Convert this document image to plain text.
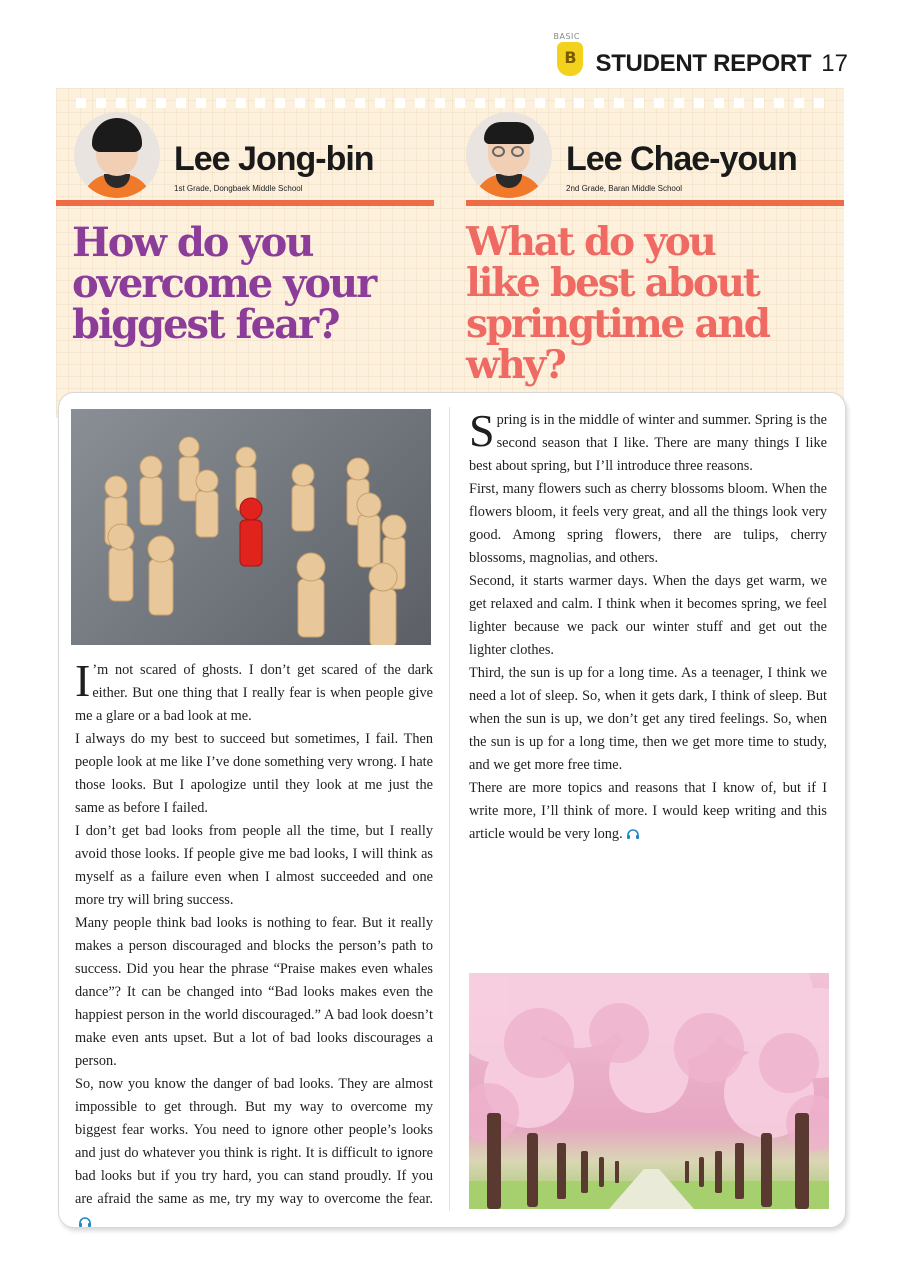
BASIC
B STUDENT REPORT 17
Lee Jong-bin
1st Grade, Dongbaek Middle School
Lee Chae-youn
2nd Grade, Baran Middle School
How do you
overcome your
biggest fear?
What do you
like best about
springtime and why?

I ’m not scared of ghosts. I don’t get scared of the dark either. But one thing that I really fear is when people give me a glare or a bad look at me.

I always do my best to succeed but sometimes, I fail. Then people look at me like I’ve done something very wrong. I hate those looks. But I apologize until they look at me just the same as before I failed.

I don’t get bad looks from people all the time, but I really avoid those looks. If people give me bad looks, I will think as myself as a failure even when I almost succeeded and one more try will bring success.

Many people think bad looks is nothing to fear. But it really makes a person discouraged and blocks the person’s path to success. Did you hear the phrase “Praise makes even whales dance”? It can be changed into “Bad looks makes even the happiest person in the world discouraged.” A bad look doesn’t make even ants upset. But a lot of bad looks discourages a person.

So, now you know the danger of bad looks. They are almost impossible to get through. But my way to overcome my biggest fear works. You need to ignore other people’s looks and just do whatever you think is right. It is difficult to ignore bad looks but if you try hard, you can stand proudly. If you are afraid the same as me, try my way to overcome the fear.

Spring is in the middle of winter and summer. Spring is the second season that I like. There are many things I like best about spring, but I’ll introduce three reasons.

First, many flowers such as cherry blossoms bloom. When the flowers bloom, it feels very great, and all the things look very good. Among spring flowers, there are tulips, cherry blossoms, magnolias, and others.

Second, it starts warmer days. When the days get warm, we get relaxed and calm. I think when it becomes spring, we feel lighter because we pack our winter stuff and get out the lighter clothes.

Third, the sun is up for a long time. As a teenager, I think we need a lot of sleep. So, when it gets dark, I think of sleep. But when the sun is up, we don’t get any tired feelings. So, when the sun is up for a long time, then we get more time to study, and we get more free time.

There are more topics and reasons that I know of, but if I write more, I’ll think of more. I would keep writing and this article would be very long.
